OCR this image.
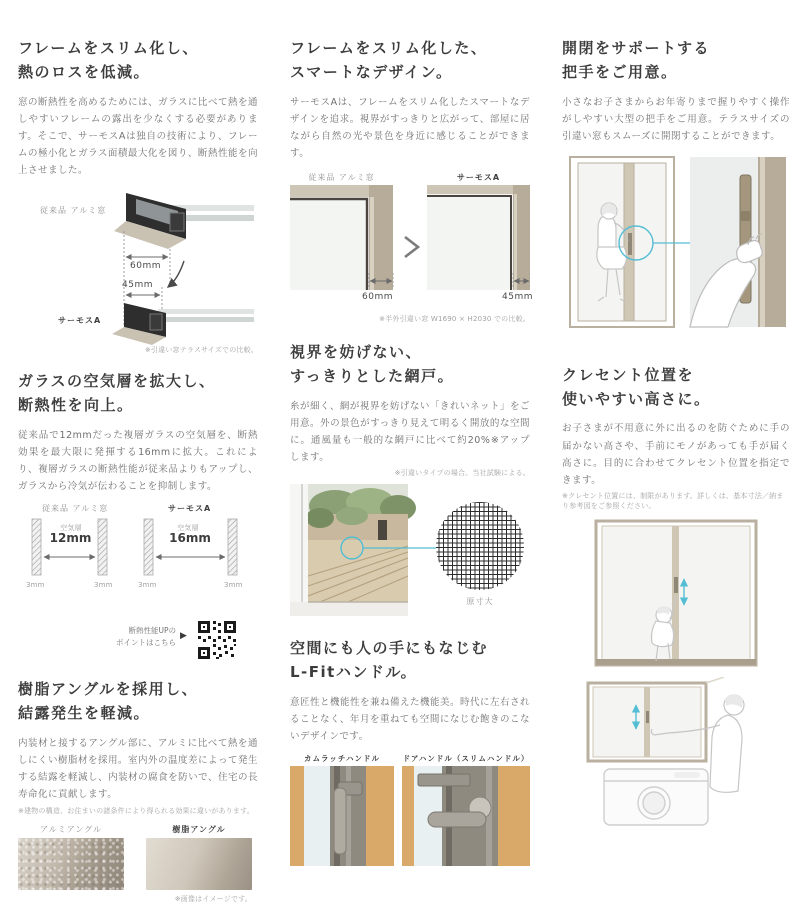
フレームをスリム化し、
熱のロスを低減。
窓の断熱性を高めるためには、ガラスに比べて熱を通しやすいフレームの露出を少なくする必要があります。そこで、サーモスAは独自の技術により、フレームの極小化とガラス面積最大化を図り、断熱性能を向上させました。
従来品 アルミ窓
60mm
45mm
サーモスA
※引違い窓テラスサイズでの比較。
ガラスの空気層を拡大し、
断熱性を向上。
従来品で12mmだった複層ガラスの空気層を、断熱効果を最大限に発揮する16mmに拡大。これにより、複層ガラスの断熱性能が従来品よりもアップし、ガラスから冷気が伝わることを抑制します。
従来品 アルミ窓	サーモスA
空気層
12mm
空気層
16mm
3mm	3mm	3mm	3mm
断熱性能UPの
ポイントはこちら
▶
樹脂アングルを採用し、
結露発生を軽減。
内装材と接するアングル部に、アルミに比べて熱を通しにくい樹脂材を採用。室内外の温度差によって発生する結露を軽減し、内装材の腐食を防いで、住宅の長寿命化に貢献します。
※建物の構造、お住まいの諸条件により得られる効果に違いがあります。
アルミアングル	樹脂アングル
※画像はイメージです。
フレームをスリム化した、
スマートなデザイン。
サーモスAは、フレームをスリム化したスマートなデザインを追求。視界がすっきりと広がって、部屋に居ながら自然の光や景色を身近に感じることができます。
従来品 アルミ窓	サーモスA
60mm	45mm
※半外引違い窓 W1690 × H2030 での比較。
視界を妨げない、
すっきりとした網戸。
糸が細く、網が視界を妨げない「きれいネット」をご用意。外の景色がすっきり見えて明るく開放的な空間に。通風量も一般的な網戸に比べて約20%※アップします。
※引違いタイプの場合。当社試験による。
原寸大
空間にも人の手にもなじむ
L-Fitハンドル。
意匠性と機能性を兼ね備えた機能美。時代に左右されることなく、年月を重ねても空間になじむ飽きのこないデザインです。
カムラッチハンドル	ドアハンドル（スリムハンドル）
開閉をサポートする
把手をご用意。
小さなお子さまからお年寄りまで握りやすく操作がしやすい大型の把手をご用意。テラスサイズの引違い窓もスムーズに開閉することができます。
クレセント位置を
使いやすい高さに。
お子さまが不用意に外に出るのを防ぐために手の届かない高さや、手前にモノがあっても手が届く高さに。目的に合わせてクレセント位置を指定できます。
※クレセント位置には、制限があります。詳しくは、基本寸法／納まり参考図をご参照ください。
